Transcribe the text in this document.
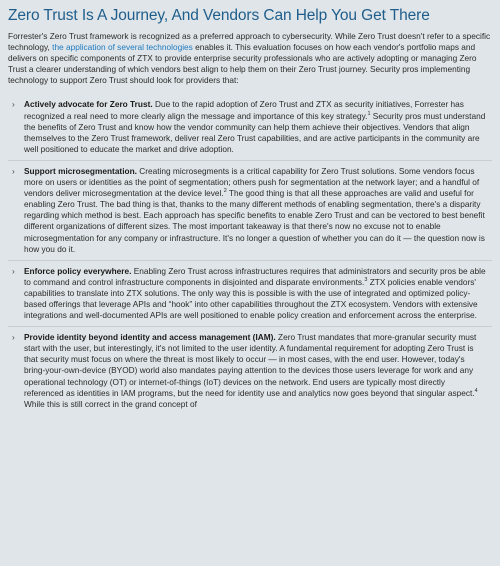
Zero Trust Is A Journey, And Vendors Can Help You Get There

Forrester's Zero Trust framework is recognized as a preferred approach to cybersecurity. While Zero Trust doesn't refer to a specific technology, the application of several technologies enables it. This evaluation focuses on how each vendor's portfolio maps and delivers on specific components of ZTX to provide enterprise security professionals who are actively adopting or managing Zero Trust a clearer understanding of which vendors best align to help them on their Zero Trust journey. Security pros implementing technology to support Zero Trust should look for providers that:

› Actively advocate for Zero Trust. Due to the rapid adoption of Zero Trust and ZTX as security initiatives, Forrester has recognized a real need to more clearly align the message and importance of this key strategy.$^1$ Security pros must understand the benefits of Zero Trust and know how the vendor community can help them achieve their objectives. Vendors that align themselves to the Zero Trust framework, deliver real Zero Trust capabilities, and are active participants in the community are well positioned to educate the market and drive adoption.
› Support microsegmentation. Creating microsegments is a critical capability for Zero Trust solutions. Some vendors focus more on users or identities as the point of segmentation; others push for segmentation at the network layer; and a handful of vendors deliver microsegmentation at the device level.$^2$ The good thing is that all these approaches are valid and useful for enabling Zero Trust. The bad thing is that, thanks to the many different methods of enabling segmentation, there's a disparity regarding which method is best. Each approach has specific benefits to enable Zero Trust and can be vectored to best benefit different organizations of different sizes. The most important takeaway is that there's now no excuse not to enable microsegmentation for any company or infrastructure. It's no longer a question of whether you can do it — the question now is how you do it.
› Enforce policy everywhere. Enabling Zero Trust across infrastructures requires that administrators and security pros be able to command and control infrastructure components in disjointed and disparate environments.$^3$ ZTX policies enable vendors' capabilities to translate into ZTX solutions. The only way this is possible is with the use of integrated and optimized policy-based offerings that leverage APIs and “hook” into other capabilities throughout the ZTX ecosystem. Vendors with extensive integrations and well-documented APIs are well positioned to enable policy creation and enforcement across the enterprise.
› Provide identity beyond identity and access management (IAM). Zero Trust mandates that more-granular security must start with the user, but interestingly, it's not limited to the user identity. A fundamental requirement for adopting Zero Trust is that security must focus on where the threat is most likely to occur — in most cases, with the end user. However, today's bring-your-own-device (BYOD) world also mandates paying attention to the devices those users leverage for work and any operational technology (OT) or internet-of-things (IoT) devices on the network. End users are typically most directly referenced as identities in IAM programs, but the need for identity use and analytics now goes beyond that singular aspect.$^4$ While this is still correct in the grand concept of
